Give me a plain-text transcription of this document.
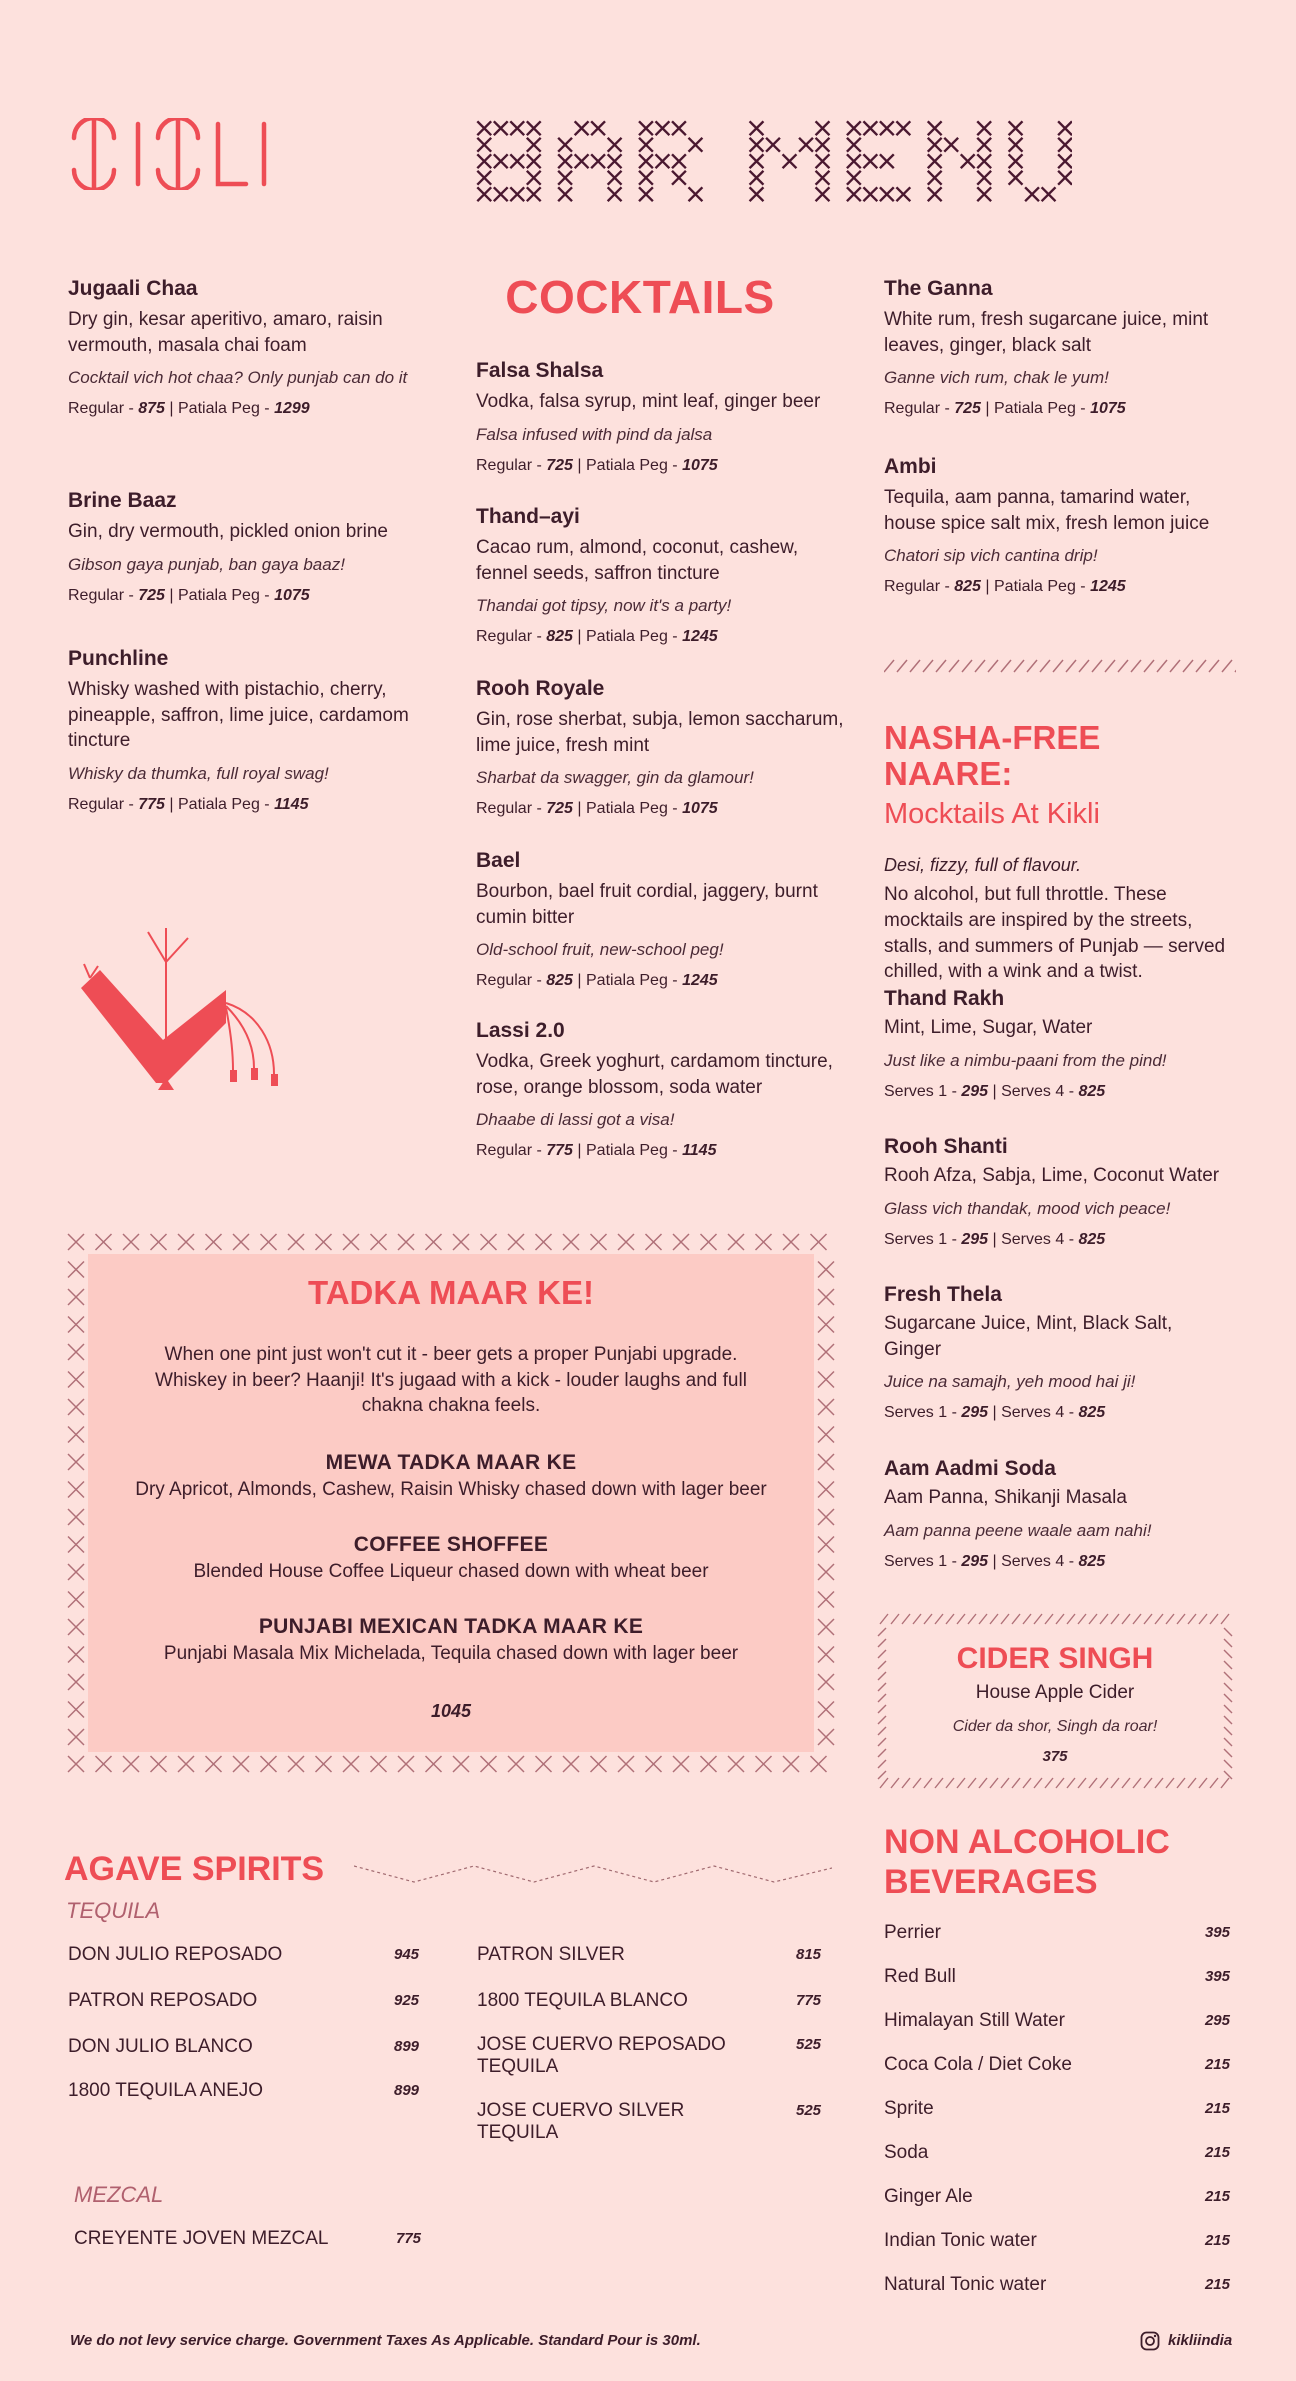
Jugaali Chaa
Dry gin, kesar aperitivo, amaro, raisin vermouth, masala chai foam
Cocktail vich hot chaa? Only punjab can do it
Regular - 875 | Patiala Peg - 1299
Brine Baaz
Gin, dry vermouth, pickled onion brine
Gibson gaya punjab, ban gaya baaz!
Regular - 725 | Patiala Peg - 1075
Punchline
Whisky washed with pistachio, cherry, pineapple, saffron, lime juice, cardamom tincture
Whisky da thumka, full royal swag!
Regular - 775 | Patiala Peg - 1145
COCKTAILS
Falsa Shalsa
Vodka, falsa syrup, mint leaf, ginger beer
Falsa infused with pind da jalsa
Regular - 725 | Patiala Peg - 1075
Thand–ayi
Cacao rum, almond, coconut, cashew, fennel seeds, saffron tincture
Thandai got tipsy, now it's a party!
Regular - 825 | Patiala Peg - 1245
Rooh Royale
Gin, rose sherbat, subja, lemon saccharum, lime juice, fresh mint
Sharbat da swagger, gin da glamour!
Regular - 725 | Patiala Peg - 1075
Bael
Bourbon, bael fruit cordial, jaggery, burnt cumin bitter
Old-school fruit, new-school peg!
Regular - 825 | Patiala Peg - 1245
Lassi 2.0
Vodka, Greek yoghurt, cardamom tincture, rose, orange blossom, soda water
Dhaabe di lassi got a visa!
Regular - 775 | Patiala Peg - 1145
The Ganna
White rum, fresh sugarcane juice, mint leaves, ginger, black salt
Ganne vich rum, chak le yum!
Regular - 725 | Patiala Peg - 1075
Ambi
Tequila, aam panna, tamarind water, house spice salt mix, fresh lemon juice
Chatori sip vich cantina drip!
Regular - 825 | Patiala Peg - 1245
NASHA-FREE NAARE:
Mocktails At Kikli
Desi, fizzy, full of flavour.
No alcohol, but full throttle. These mocktails are inspired by the streets, stalls, and summers of Punjab — served chilled, with a wink and a twist.
Thand Rakh
Mint, Lime, Sugar, Water
Just like a nimbu-paani from the pind!
Serves 1 - 295 | Serves 4 - 825
Rooh Shanti
Rooh Afza, Sabja, Lime, Coconut Water
Glass vich thandak, mood vich peace!
Serves 1 - 295 | Serves 4 - 825
Fresh Thela
Sugarcane Juice, Mint, Black Salt, Ginger
Juice na samajh, yeh mood hai ji!
Serves 1 - 295 | Serves 4 - 825
Aam Aadmi Soda
Aam Panna, Shikanji Masala
Aam panna peene waale aam nahi!
Serves 1 - 295 | Serves 4 - 825
TADKA MAAR KE!
When one pint just won't cut it - beer gets a proper Punjabi upgrade. Whiskey in beer? Haanji! It's jugaad with a kick - louder laughs and full chakna chakna feels.
MEWA TADKA MAAR KE
Dry Apricot, Almonds, Cashew, Raisin Whisky chased down with lager beer
COFFEE SHOFFEE
Blended House Coffee Liqueur chased down with wheat beer
PUNJABI MEXICAN TADKA MAAR KE
Punjabi Masala Mix Michelada, Tequila chased down with lager beer
1045
CIDER SINGH
House Apple Cider
Cider da shor, Singh da roar!
375
AGAVE SPIRITS
TEQUILA
DON JULIO REPOSADO	945
PATRON REPOSADO	925
DON JULIO BLANCO	899
1800 TEQUILA ANEJO	899
PATRON SILVER	815
1800 TEQUILA BLANCO	775
JOSE CUERVO REPOSADO TEQUILA
525
JOSE CUERVO SILVER TEQUILA
525
CREYENTE JOVEN MEZCAL	775
MEZCAL
NON ALCOHOLIC BEVERAGES
Perrier	395
Red Bull	395
Himalayan Still Water	295
Coca Cola / Diet Coke	215
Sprite	215
Soda	215
Ginger Ale	215
Indian Tonic water	215
Natural Tonic water	215
We do not levy service charge. Government Taxes As Applicable. Standard Pour is 30ml.	kikliindia
